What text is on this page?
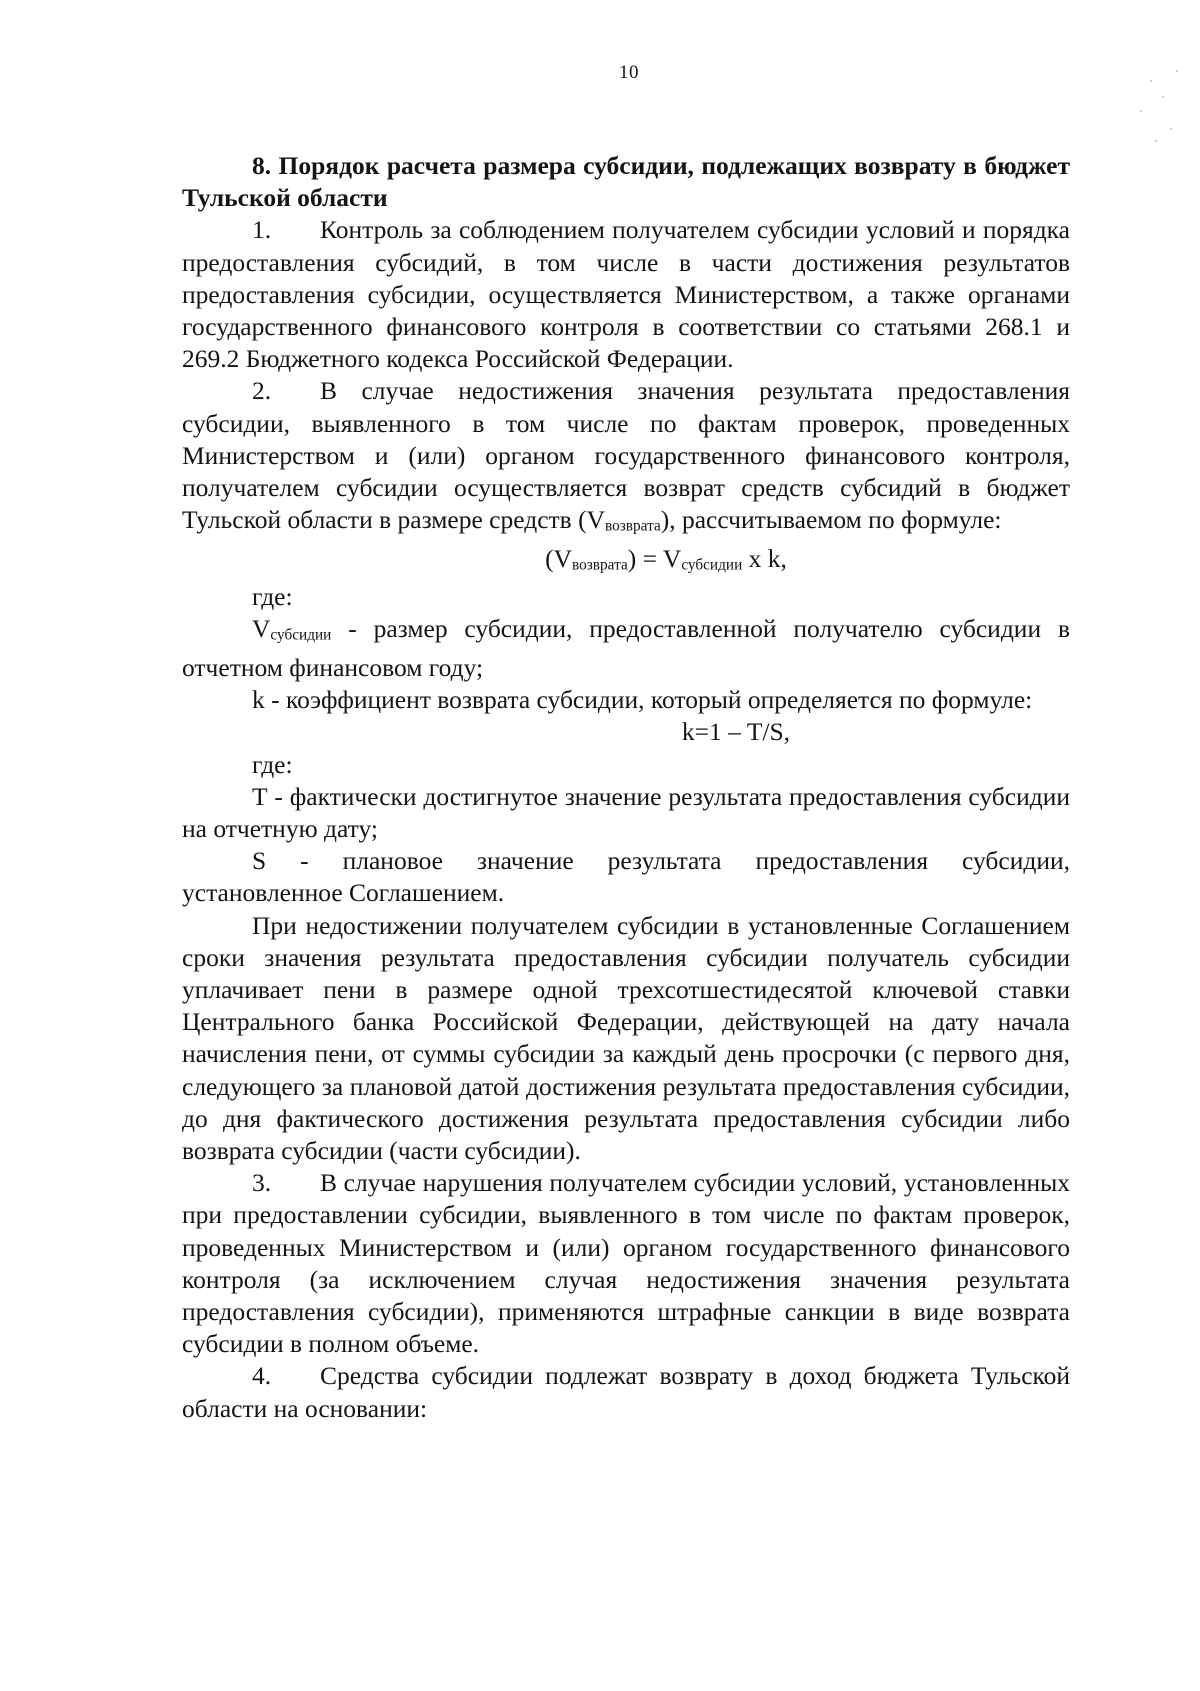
10

8. Порядок расчета размера субсидии, подлежащих возврату в бюджет Тульской области

1. Контроль за соблюдением получателем субсидии условий и порядка предоставления субсидий, в том числе в части достижения результатов предоставления субсидии, осуществляется Министерством, а также органами государственного финансового контроля в соответствии со статьями 268.1 и 269.2 Бюджетного кодекса Российской Федерации.

2. В случае недостижения значения результата предоставления субсидии, выявленного в том числе по фактам проверок, проведенных Министерством и (или) органом государственного финансового контроля, получателем субсидии осуществляется возврат средств субсидий в бюджет Тульской области в размере средств (Vвозврата), рассчитываемом по формуле:

(Vвозврата) = Vсубсидии x k,

где:

Vсубсидии - размер субсидии, предоставленной получателю субсидии в отчетном финансовом году;

k - коэффициент возврата субсидии, который определяется по формуле:

k=1 – T/S,

где:

Т - фактически достигнутое значение результата предоставления субсидии на отчетную дату;

S - плановое значение результата предоставления субсидии, установленное Соглашением.

При недостижении получателем субсидии в установленные Соглашением сроки значения результата предоставления субсидии получатель субсидии уплачивает пени в размере одной трехсотшестидесятой ключевой ставки Центрального банка Российской Федерации, действующей на дату начала начисления пени, от суммы субсидии за каждый день просрочки (с первого дня, следующего за плановой датой достижения результата предоставления субсидии, до дня фактического достижения результата предоставления субсидии либо возврата субсидии (части субсидии).

3. В случае нарушения получателем субсидии условий, установленных при предоставлении субсидии, выявленного в том числе по фактам проверок, проведенных Министерством и (или) органом государственного финансового контроля (за исключением случая недостижения значения результата предоставления субсидии), применяются штрафные санкции в виде возврата субсидии в полном объеме.

4. Средства субсидии подлежат возврату в доход бюджета Тульской области на основании:
